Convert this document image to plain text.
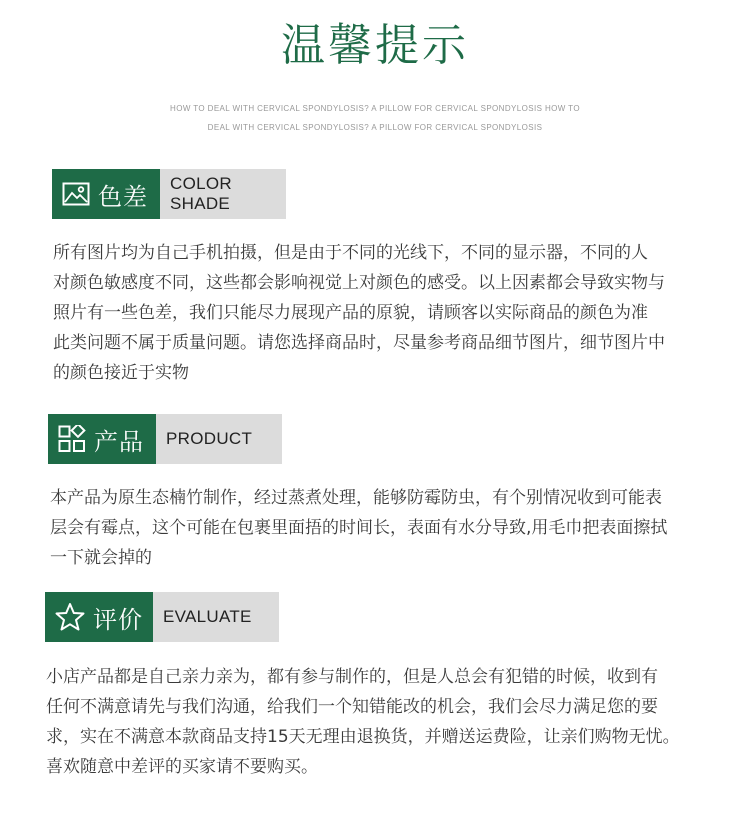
温馨提示
HOW TO DEAL WITH CERVICAL SPONDYLOSIS? A PILLOW FOR CERVICAL SPONDYLOSIS HOW TO
DEAL WITH CERVICAL SPONDYLOSIS? A PILLOW FOR CERVICAL SPONDYLOSIS
色差	COLOR SHADE

所有图片均为自己手机拍摄，但是由于不同的光线下，不同的显示器，不同的人
对颜色敏感度不同，这些都会影响视觉上对颜色的感受。以上因素都会导致实物与
照片有一些色差，我们只能尽力展现产品的原貌，请顾客以实际商品的颜色为准
此类问题不属于质量问题。请您选择商品时，尽量参考商品细节图片，细节图片中
的颜色接近于实物

产品	PRODUCT

本产品为原生态楠竹制作，经过蒸煮处理，能够防霉防虫，有个别情况收到可能表
层会有霉点，这个可能在包裹里面捂的时间长，表面有水分导致,用毛巾把表面擦拭
一下就会掉的

评价	EVALUATE

小店产品都是自己亲力亲为，都有参与制作的，但是人总会有犯错的时候，收到有
任何不满意请先与我们沟通，给我们一个知错能改的机会，我们会尽力满足您的要
求，实在不满意本款商品支持15天无理由退换货，并赠送运费险，让亲们购物无忧。
喜欢随意中差评的买家请不要购买。
